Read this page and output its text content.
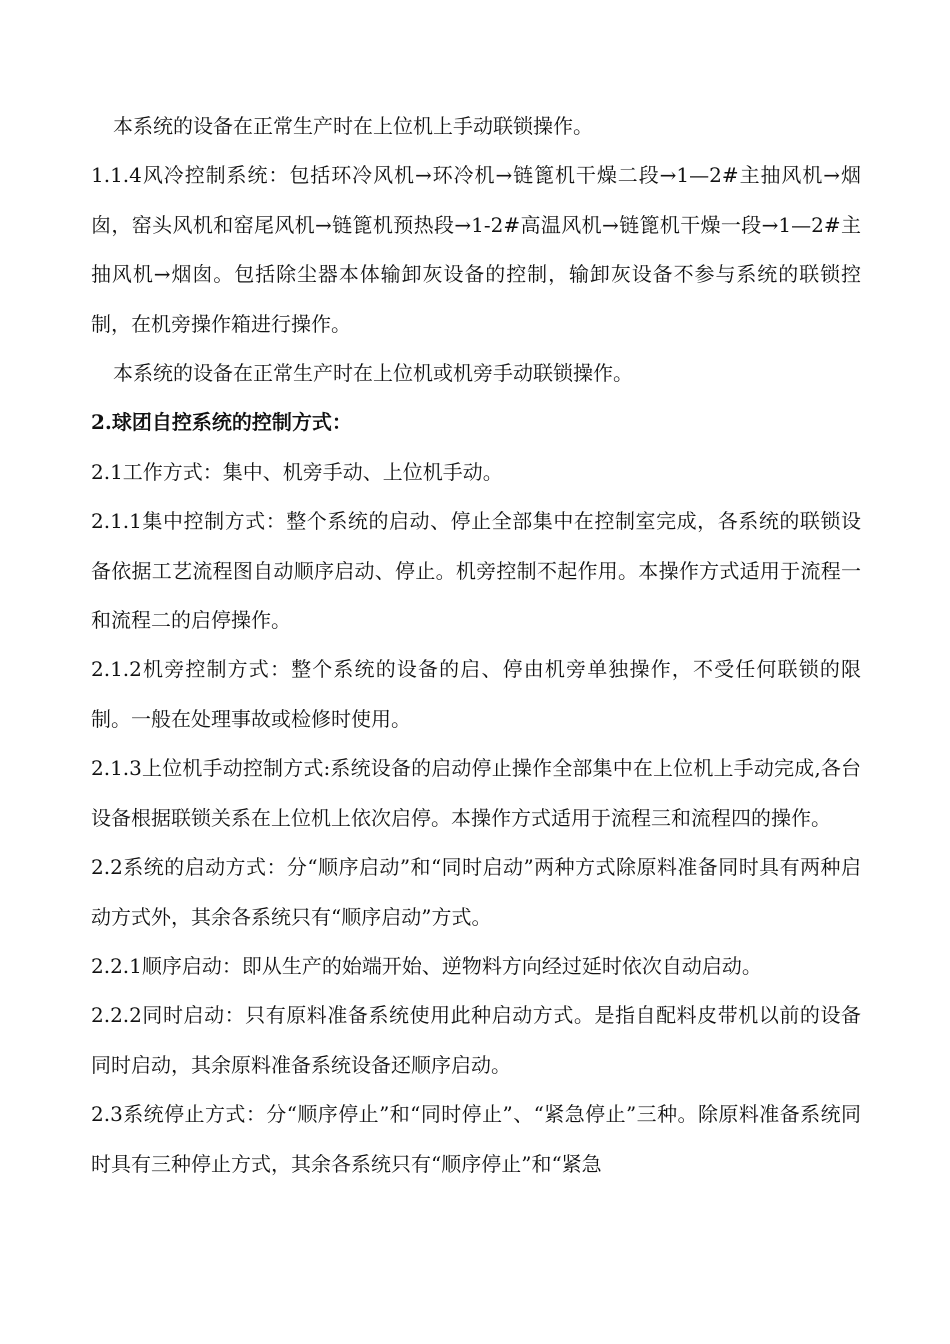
本系统的设备在正常生产时在上位机上手动联锁操作。

1.1.4风冷控制系统：包括环冷风机→环冷机→链篦机干燥二段→1—2#主抽风机→烟囱，窑头风机和窑尾风机→链篦机预热段→1-2#高温风机→链篦机干燥一段→1—2#主抽风机→烟囱。包括除尘器本体输卸灰设备的控制，输卸灰设备不参与系统的联锁控制，在机旁操作箱进行操作。

本系统的设备在正常生产时在上位机或机旁手动联锁操作。

2.球团自控系统的控制方式：

2.1工作方式：集中、机旁手动、上位机手动。

2.1.1集中控制方式：整个系统的启动、停止全部集中在控制室完成，各系统的联锁设备依据工艺流程图自动顺序启动、停止。机旁控制不起作用。本操作方式适用于流程一和流程二的启停操作。

2.1.2机旁控制方式：整个系统的设备的启、停由机旁单独操作，不受任何联锁的限制。一般在处理事故或检修时使用。

2.1.3上位机手动控制方式:系统设备的启动停止操作全部集中在上位机上手动完成,各台设备根据联锁关系在上位机上依次启停。本操作方式适用于流程三和流程四的操作。

2.2系统的启动方式：分“顺序启动”和“同时启动”两种方式除原料准备同时具有两种启动方式外，其余各系统只有“顺序启动”方式。

2.2.1顺序启动：即从生产的始端开始、逆物料方向经过延时依次自动启动。

2.2.2同时启动：只有原料准备系统使用此种启动方式。是指自配料皮带机以前的设备同时启动，其余原料准备系统设备还顺序启动。

2.3系统停止方式：分“顺序停止”和“同时停止”、“紧急停止”三种。除原料准备系统同时具有三种停止方式，其余各系统只有“顺序停止”和“紧急
